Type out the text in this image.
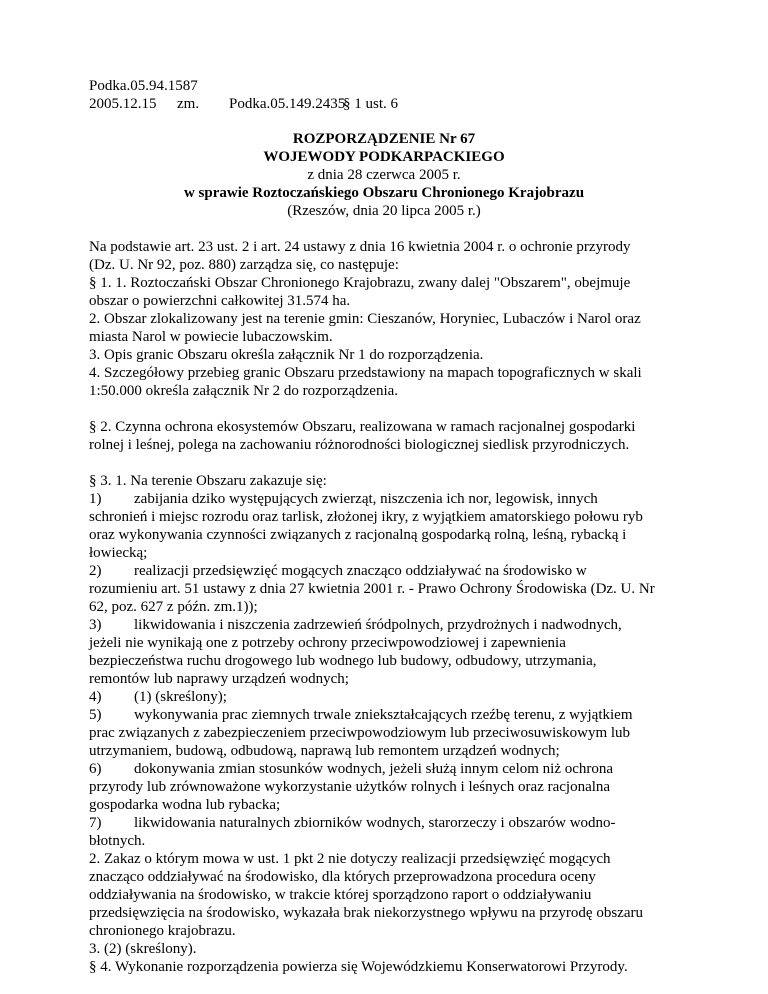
Podka.05.94.1587
2005.12.15 zm. Podka.05.149.2435§ 1 ust. 6
ROZPORZĄDZENIE Nr 67
WOJEWODY PODKARPACKIEGO
z dnia 28 czerwca 2005 r.
w sprawie Roztoczańskiego Obszaru Chronionego Krajobrazu
(Rzeszów, dnia 20 lipca 2005 r.)
Na podstawie art. 23 ust. 2 i art. 24 ustawy z dnia 16 kwietnia 2004 r. o ochronie przyrody
(Dz. U. Nr 92, poz. 880) zarządza się, co następuje:
§ 1. 1. Roztoczański Obszar Chronionego Krajobrazu, zwany dalej "Obszarem", obejmuje
obszar o powierzchni całkowitej 31.574 ha.
2. Obszar zlokalizowany jest na terenie gmin: Cieszanów, Horyniec, Lubaczów i Narol oraz
miasta Narol w powiecie lubaczowskim.
3. Opis granic Obszaru określa załącznik Nr 1 do rozporządzenia.
4. Szczegółowy przebieg granic Obszaru przedstawiony na mapach topograficznych w skali
1:50.000 określa załącznik Nr 2 do rozporządzenia.
§ 2. Czynna ochrona ekosystemów Obszaru, realizowana w ramach racjonalnej gospodarki
rolnej i leśnej, polega na zachowaniu różnorodności biologicznej siedlisk przyrodniczych.
§ 3. 1. Na terenie Obszaru zakazuje się:
1) zabijania dziko występujących zwierząt, niszczenia ich nor, legowisk, innych
schronień i miejsc rozrodu oraz tarlisk, złożonej ikry, z wyjątkiem amatorskiego połowu ryb
oraz wykonywania czynności związanych z racjonalną gospodarką rolną, leśną, rybacką i
łowiecką;
2) realizacji przedsięwzięć mogących znacząco oddziaływać na środowisko w
rozumieniu art. 51 ustawy z dnia 27 kwietnia 2001 r. - Prawo Ochrony Środowiska (Dz. U. Nr
62, poz. 627 z późn. zm.1));
3) likwidowania i niszczenia zadrzewień śródpolnych, przydrożnych i nadwodnych,
jeżeli nie wynikają one z potrzeby ochrony przeciwpowodziowej i zapewnienia
bezpieczeństwa ruchu drogowego lub wodnego lub budowy, odbudowy, utrzymania,
remontów lub naprawy urządzeń wodnych;
4) (1) (skreślony);
5) wykonywania prac ziemnych trwale zniekształcających rzeźbę terenu, z wyjątkiem
prac związanych z zabezpieczeniem przeciwpowodziowym lub przeciwosuwiskowym lub
utrzymaniem, budową, odbudową, naprawą lub remontem urządzeń wodnych;
6) dokonywania zmian stosunków wodnych, jeżeli służą innym celom niż ochrona
przyrody lub zrównoważone wykorzystanie użytków rolnych i leśnych oraz racjonalna
gospodarka wodna lub rybacka;
7) likwidowania naturalnych zbiorników wodnych, starorzeczy i obszarów wodno-
błotnych.
2. Zakaz o którym mowa w ust. 1 pkt 2 nie dotyczy realizacji przedsięwzięć mogących
znacząco oddziaływać na środowisko, dla których przeprowadzona procedura oceny
oddziaływania na środowisko, w trakcie której sporządzono raport o oddziaływaniu
przedsięwzięcia na środowisko, wykazała brak niekorzystnego wpływu na przyrodę obszaru
chronionego krajobrazu.
3. (2) (skreślony).
§ 4. Wykonanie rozporządzenia powierza się Wojewódzkiemu Konserwatorowi Przyrody.
